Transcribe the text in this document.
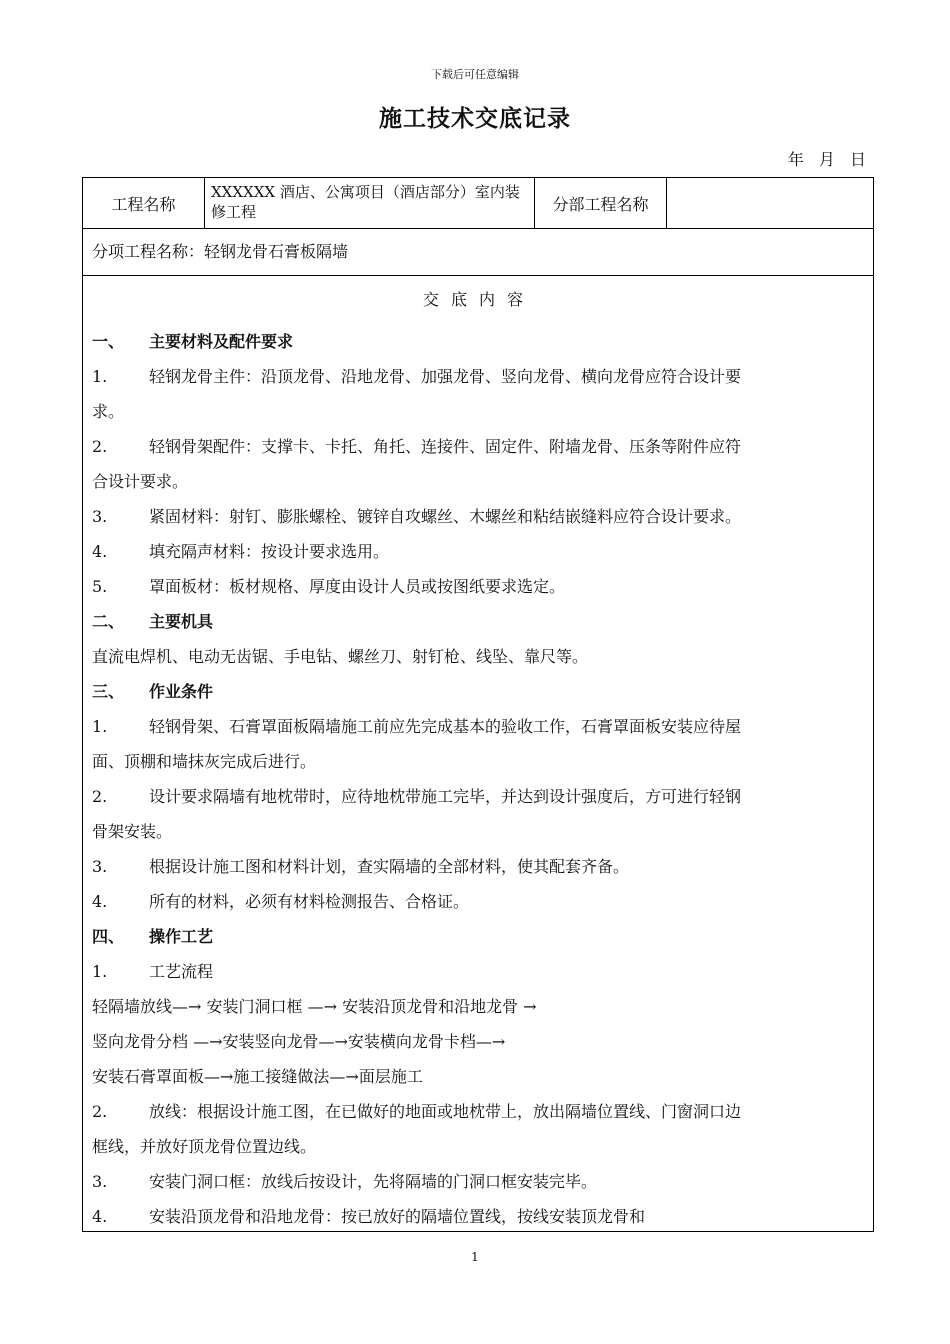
下载后可任意编辑
施工技术交底记录
年 月 日
工程名称
XXXXXX 酒店、公寓项目（酒店部分）室内装修工程	分部工程名称
分项工程名称：轻钢龙骨石膏板隔墙
交底内容
一、 主要材料及配件要求
1.	轻钢龙骨主件：沿顶龙骨、沿地龙骨、加强龙骨、竖向龙骨、横向龙骨应符合设计要
求。
2.	轻钢骨架配件：支撑卡、卡托、角托、连接件、固定件、附墙龙骨、压条等附件应符
合设计要求。
3.	紧固材料：射钉、膨胀螺栓、镀锌自攻螺丝、木螺丝和粘结嵌缝料应符合设计要求。
4.	填充隔声材料：按设计要求选用。
5.	罩面板材：板材规格、厚度由设计人员或按图纸要求选定。
二、 主要机具
直流电焊机、电动无齿锯、手电钻、螺丝刀、射钉枪、线坠、靠尺等。
三、 作业条件
1.	轻钢骨架、石膏罩面板隔墙施工前应先完成基本的验收工作，石膏罩面板安装应待屋
面、顶棚和墙抹灰完成后进行。
2.	设计要求隔墙有地枕带时，应待地枕带施工完毕，并达到设计强度后，方可进行轻钢
骨架安装。
3.	根据设计施工图和材料计划，查实隔墙的全部材料，使其配套齐备。
4.	所有的材料，必须有材料检测报告、合格证。
四、 操作工艺
1.	工艺流程
轻隔墙放线—→ 安装门洞口框 —→ 安装沿顶龙骨和沿地龙骨 →
竖向龙骨分档 —→安装竖向龙骨—→安装横向龙骨卡档—→
安装石膏罩面板—→施工接缝做法—→面层施工
2.	放线：根据设计施工图，在已做好的地面或地枕带上，放出隔墙位置线、门窗洞口边
框线，并放好顶龙骨位置边线。
3.	安装门洞口框：放线后按设计，先将隔墙的门洞口框安装完毕。
4.	安装沿顶龙骨和沿地龙骨：按已放好的隔墙位置线，按线安装顶龙骨和
1
